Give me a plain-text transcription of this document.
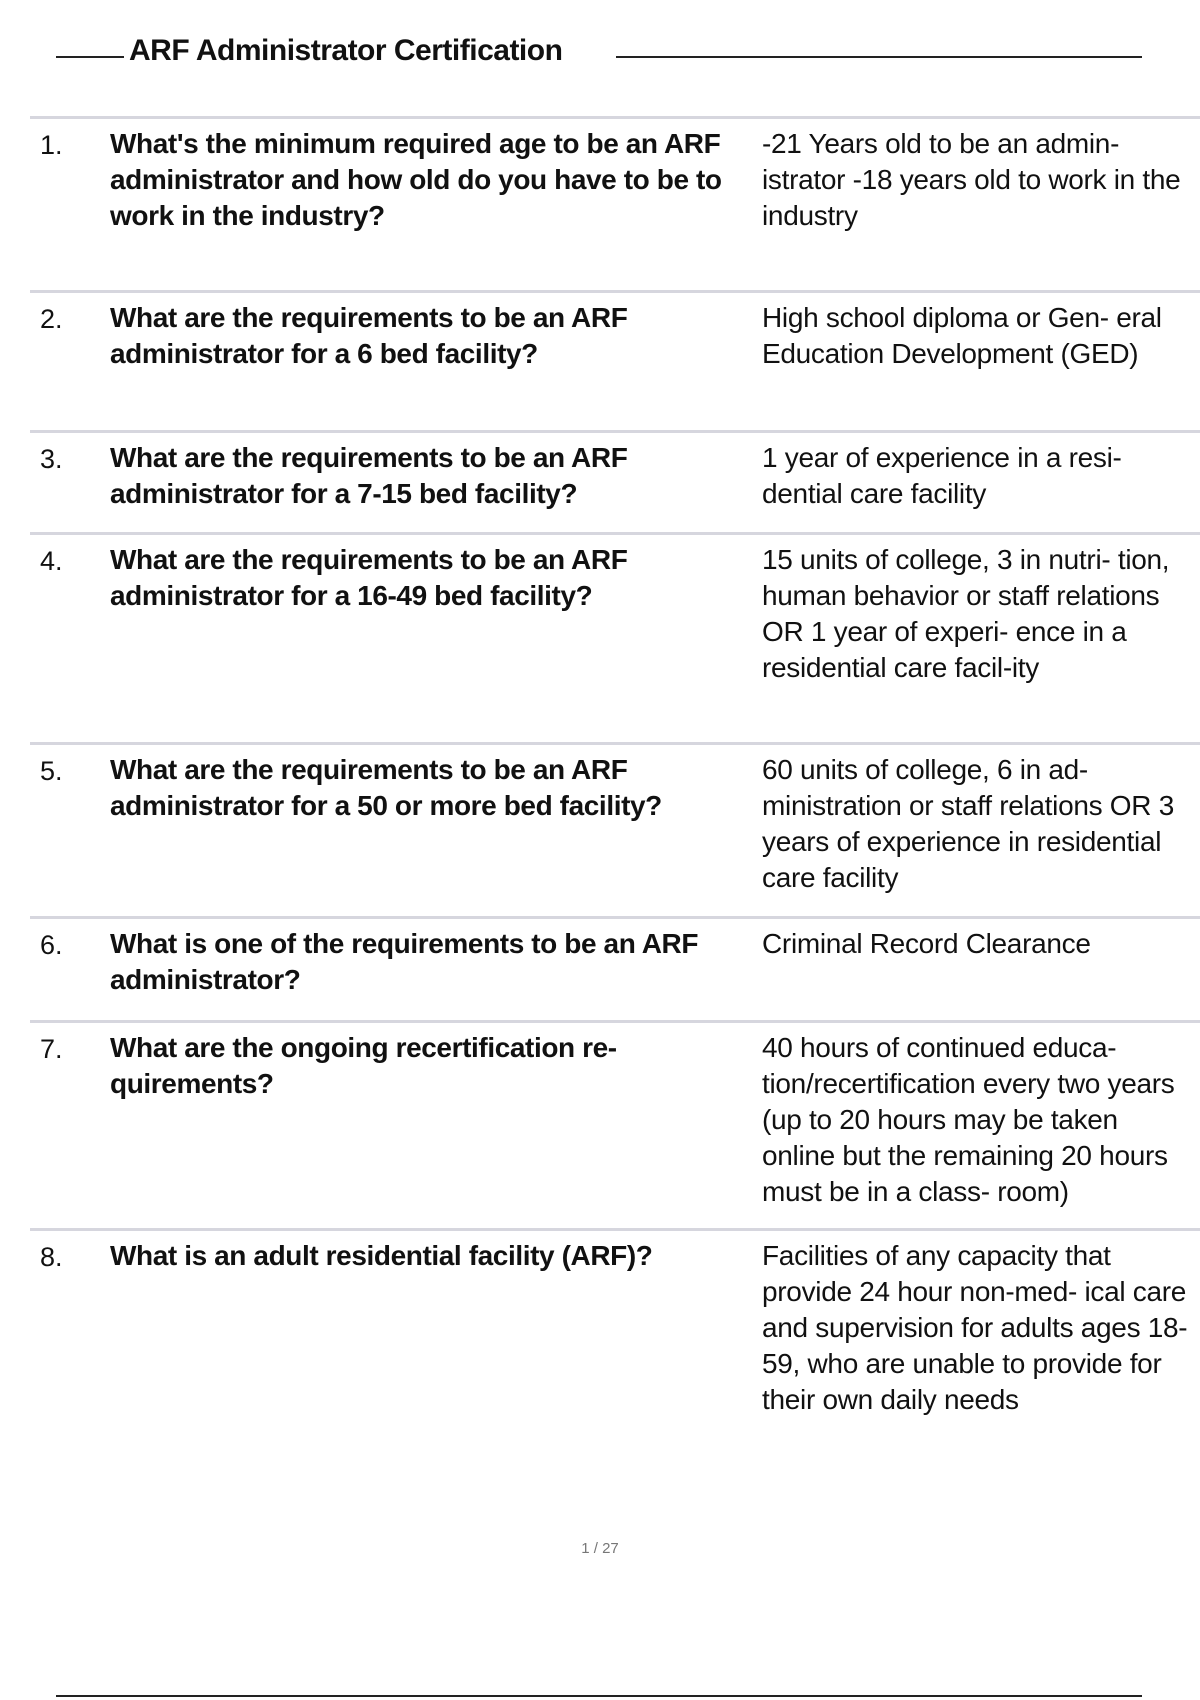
ARF Administrator Certification
1. What's the minimum required age to be an ARF administrator and how old do you have to be to work in the industry?
-21 Years old to be an admin- istrator -18 years old to work in the industry
2. What are the requirements to be an ARF administrator for a 6 bed facility?
High school diploma or Gen- eral Education Development (GED)
3. What are the requirements to be an ARF administrator for a 7-15 bed facility?
1 year of experience in a resi- dential care facility
4. What are the requirements to be an ARF administrator for a 16-49 bed facility?
15 units of college, 3 in nutri- tion, human behavior or staff relations OR 1 year of experi- ence in a residential care facil-ity
5. What are the requirements to be an ARF administrator for a 50 or more bed facility?
60 units of college, 6 in ad- ministration or staff relations OR 3 years of experience in residential care facility
6. What is one of the requirements to be an ARF administrator?
Criminal Record Clearance
7. What are the ongoing recertification re- quirements?
40 hours of continued educa- tion/recertification every two years (up to 20 hours may be taken online but the remaining 20 hours must be in a class- room)
8. What is an adult residential facility (ARF)?	Facilities of any capacity that provide 24 hour non-med- ical care and supervision for adults ages 18-59, who are unable to provide for their own daily needs
1 / 27
